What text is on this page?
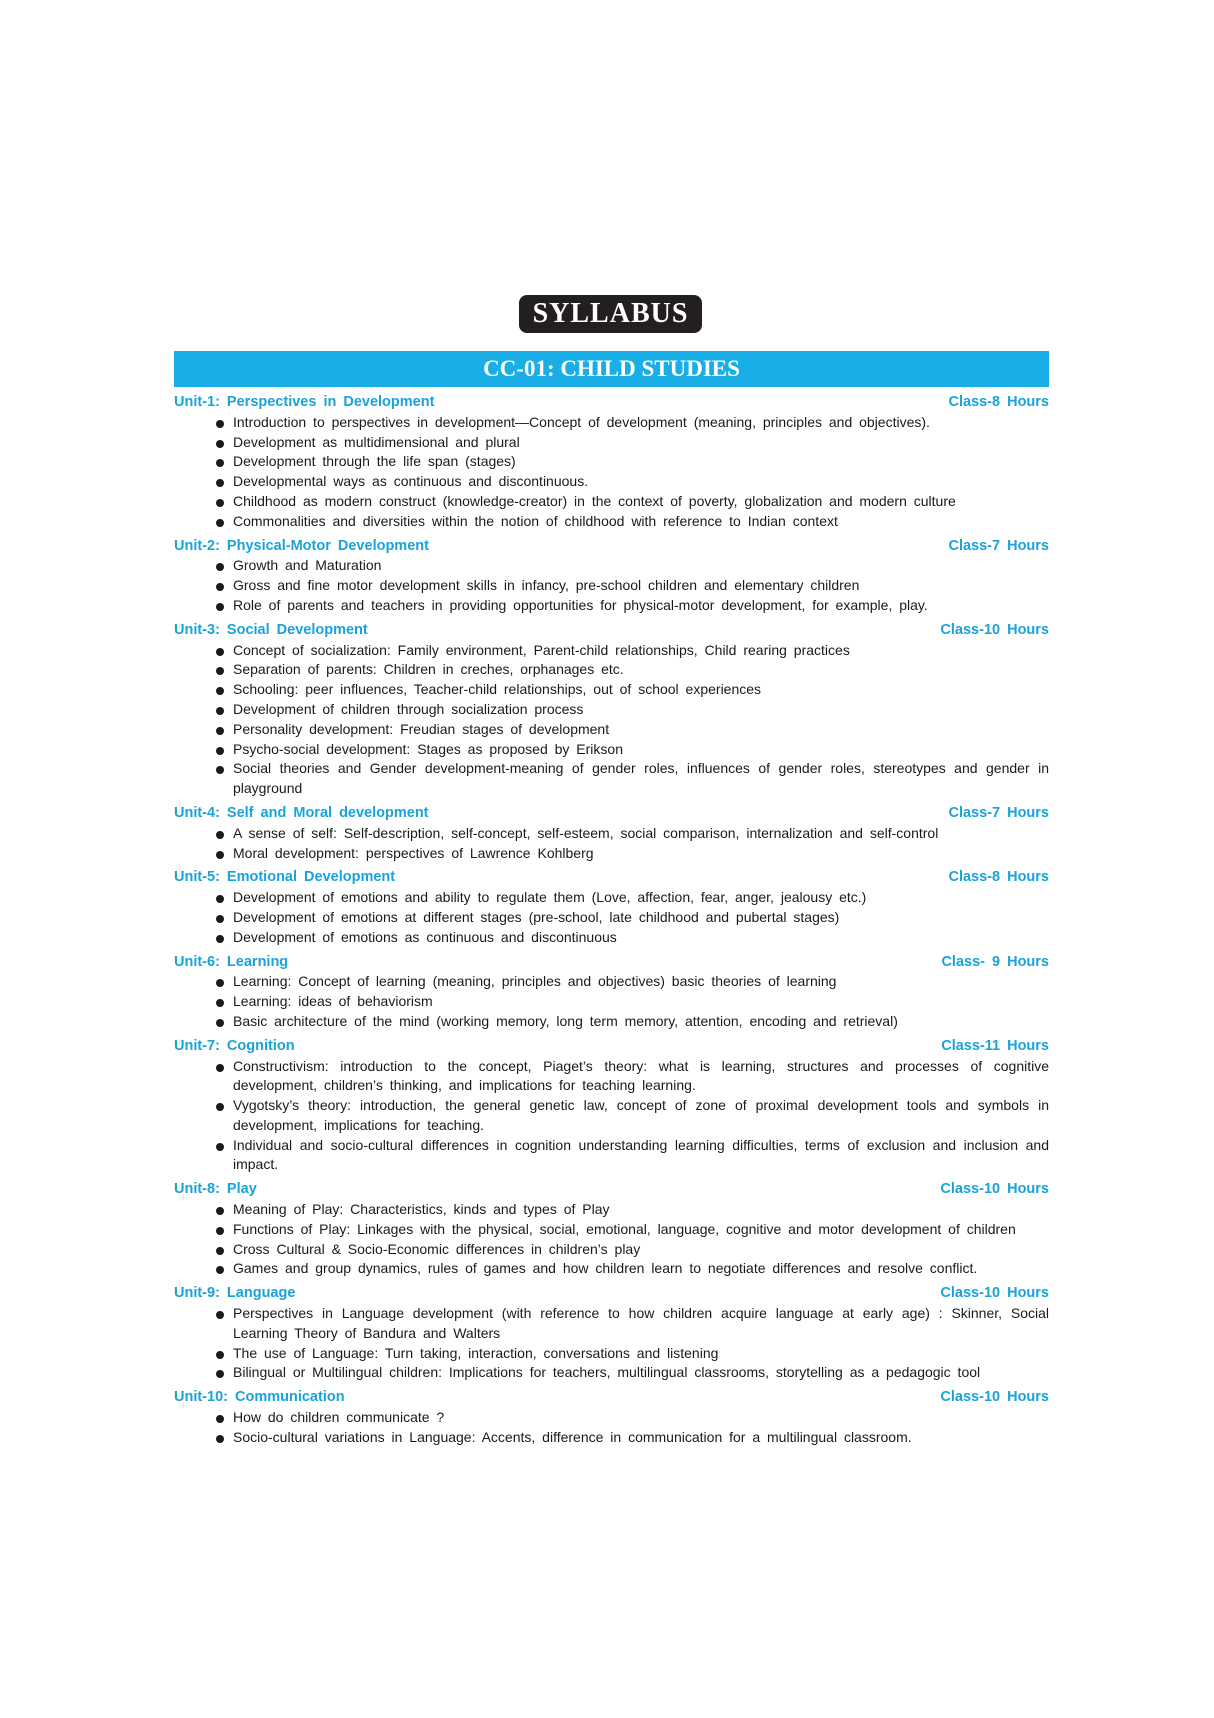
SYLLABUS
CC-01: CHILD STUDIES
Unit-1: Perspectives in Development	Class-8 Hours
Introduction to perspectives in development—Concept of development (meaning, principles and objectives).
Development as multidimensional and plural
Development through the life span (stages)
Developmental ways as continuous and discontinuous.
Childhood as modern construct (knowledge-creator) in the context of poverty, globalization and modern culture
Commonalities and diversities within the notion of childhood with reference to Indian context
Unit-2: Physical-Motor Development	Class-7 Hours
Growth and Maturation
Gross and fine motor development skills in infancy, pre-school children and elementary children
Role of parents and teachers in providing opportunities for physical-motor development, for example, play.
Unit-3: Social Development	Class-10 Hours
Concept of socialization: Family environment, Parent-child relationships, Child rearing practices
Separation of parents: Children in creches, orphanages etc.
Schooling: peer influences, Teacher-child relationships, out of school experiences
Development of children through socialization process
Personality development: Freudian stages of development
Psycho-social development: Stages as proposed by Erikson
Social theories and Gender development-meaning of gender roles, influences of gender roles, stereotypes and gender in playground
Unit-4: Self and Moral development	Class-7 Hours
A sense of self: Self-description, self-concept, self-esteem, social comparison, internalization and self-control
Moral development: perspectives of Lawrence Kohlberg
Unit-5: Emotional Development	Class-8 Hours
Development of emotions and ability to regulate them (Love, affection, fear, anger, jealousy etc.)
Development of emotions at different stages (pre-school, late childhood and pubertal stages)
Development of emotions as continuous and discontinuous
Unit-6: Learning	Class- 9 Hours
Learning: Concept of learning (meaning, principles and objectives) basic theories of learning
Learning: ideas of behaviorism
Basic architecture of the mind (working memory, long term memory, attention, encoding and retrieval)
Unit-7: Cognition	Class-11 Hours
Constructivism: introduction to the concept, Piaget’s theory: what is learning, structures and processes of cognitive development, children’s thinking, and implications for teaching learning.
Vygotsky’s theory: introduction, the general genetic law, concept of zone of proximal development tools and symbols in development, implications for teaching.
Individual and socio-cultural differences in cognition understanding learning difficulties, terms of exclusion and inclusion and impact.
Unit-8: Play	Class-10 Hours
Meaning of Play: Characteristics, kinds and types of Play
Functions of Play: Linkages with the physical, social, emotional, language, cognitive and motor development of children
Cross Cultural & Socio-Economic differences in children’s play
Games and group dynamics, rules of games and how children learn to negotiate differences and resolve conflict.
Unit-9: Language	Class-10 Hours
Perspectives in Language development (with reference to how children acquire language at early age) : Skinner, Social Learning Theory of Bandura and Walters
The use of Language: Turn taking, interaction, conversations and listening
Bilingual or Multilingual children: Implications for teachers, multilingual classrooms, storytelling as a pedagogic tool
Unit-10: Communication	Class-10 Hours
How do children communicate ?
Socio-cultural variations in Language: Accents, difference in communication for a multilingual classroom.
